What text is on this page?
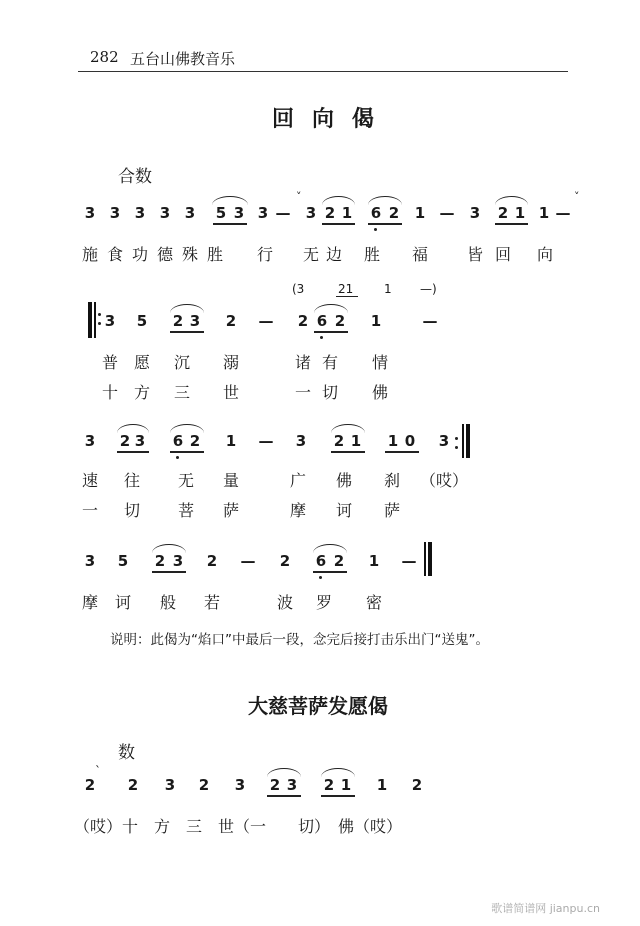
282 五台山佛教音乐
回向偈
合数
3 3 3 3 3 5 3 3 — 3 2 1 6 2 1 — 3 2 1 1 —
˅	˅
施 食 功 德 殊 胜 行 无 边 胜 福 皆 回 向
(3	21	1 —)
3 5 2 3 2 — 2 6 2 1	—
普 愿 沉 溺	诸 有 情
十 方 三 世	一 切 佛
3 2 3 6 2 1 — 3 2 1 1 0 3
速 往 无 量	广 佛 刹 （哎）
一 切 菩 萨	摩 诃 萨
3 5 2 3 2 — 2 6 2 1 —
摩 诃 般 若	波 罗 密
说明：此偈为“焰口”中最后一段，念完后接打击乐出门“送鬼”。
大慈菩萨发愿偈
数
ˋ
2 2 3 2 3 2 3 2 1 1 2
（哎）十　方　三　世（一　　切）　佛（哎）
歌谱简谱网 jianpu.cn
